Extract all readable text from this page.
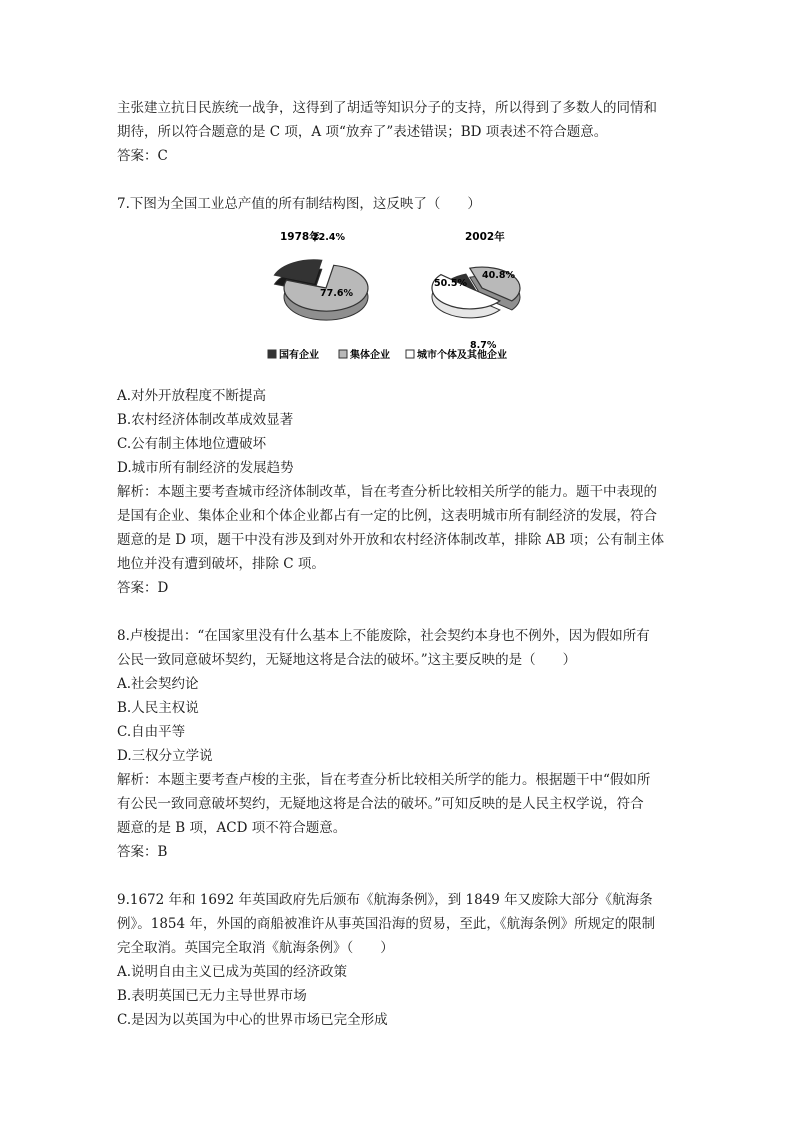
主张建立抗日民族统一战争，这得到了胡适等知识分子的支持，所以得到了多数人的同情和
期待，所以符合题意的是 C 项，A 项“放弃了”表述错误；BD 项表述不符合题意。
答案：C
7.下图为全国工业总产值的所有制结构图，这反映了（　　）
A.对外开放程度不断提高
B.农村经济体制改革成效显著
C.公有制主体地位遭破坏
D.城市所有制经济的发展趋势
解析：本题主要考查城市经济体制改革，旨在考查分析比较相关所学的能力。题干中表现的
是国有企业、集体企业和个体企业都占有一定的比例，这表明城市所有制经济的发展，符合
题意的是 D 项，题干中没有涉及到对外开放和农村经济体制改革，排除 AB 项；公有制主体
地位并没有遭到破坏，排除 C 项。
答案：D
8.卢梭提出：“在国家里没有什么基本上不能废除，社会契约本身也不例外，因为假如所有
公民一致同意破坏契约，无疑地这将是合法的破坏。”这主要反映的是（　　）
A.社会契约论
B.人民主权说
C.自由平等
D.三权分立学说
解析：本题主要考查卢梭的主张，旨在考查分析比较相关所学的能力。根据题干中“假如所
有公民一致同意破坏契约，无疑地这将是合法的破坏。”可知反映的是人民主权学说，符合
题意的是 B 项，ACD 项不符合题意。
答案：B
9.1672 年和 1692 年英国政府先后颁布《航海条例》，到 1849 年又废除大部分《航海条
例》。1854 年，外国的商船被准许从事英国沿海的贸易，至此，《航海条例》所规定的限制
完全取消。英国完全取消《航海条例》（　　）
A.说明自由主义已成为英国的经济政策
B.表明英国已无力主导世界市场
C.是因为以英国为中心的世界市场已完全形成
1978年	2002年
22.4%
77.6%
8.7%
40.8%
50.5%
国有企业	集体企业	城市个体及其他企业
